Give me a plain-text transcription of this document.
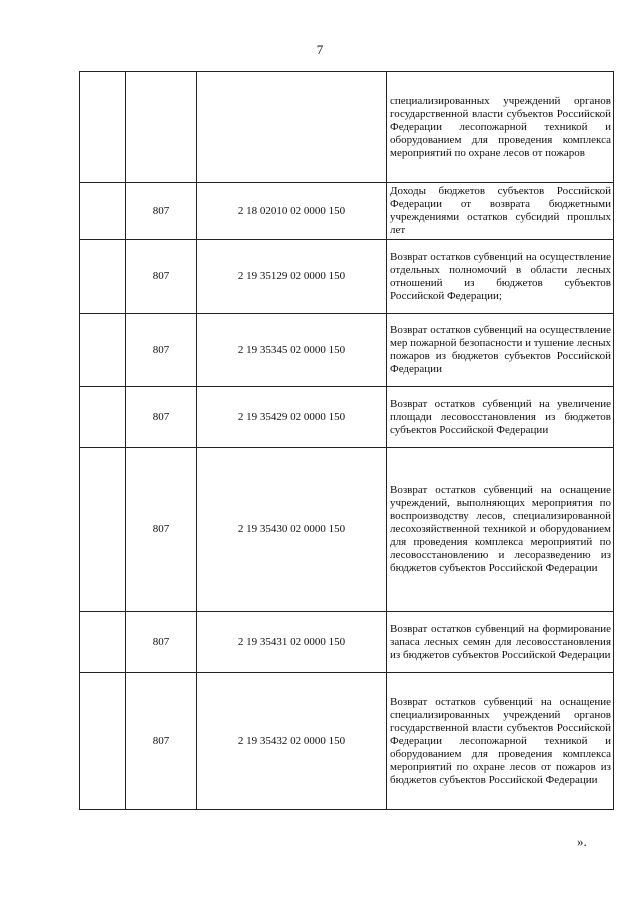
7

			специализированных учреждений органов государственной власти субъектов Российской Федерации лесопожарной техникой и оборудованием для проведения комплекса мероприятий по охране лесов от пожаров

	807	2 18 02010 02 0000 150	Доходы бюджетов субъектов Российской Федерации от возврата бюджетными учреждениями остатков субсидий прошлых лет

	807	2 19 35129 02 0000 150	Возврат остатков субвенций на осуществление отдельных полномочий в области лесных отношений из бюджетов субъектов Российской Федерации;

	807	2 19 35345 02 0000 150	Возврат остатков субвенций на осуществление мер пожарной безопасности и тушение лесных пожаров из бюджетов субъектов Российской Федерации

	807	2 19 35429 02 0000 150	Возврат остатков субвенций на увеличение площади лесовосстановления из бюджетов субъектов Российской Федерации

	807	2 19 35430 02 0000 150	Возврат остатков субвенций на оснащение учреждений, выполняющих мероприятия по воспроизводству лесов, специализированной лесохозяйственной техникой и оборудованием для проведения комплекса мероприятий по лесовосстановлению и лесоразведению из бюджетов субъектов Российской Федерации

	807	2 19 35431 02 0000 150	Возврат остатков субвенций на формирование запаса лесных семян для лесовосстановления из бюджетов субъектов Российской Федерации

	807	2 19 35432 02 0000 150	Возврат остатков субвенций на оснащение специализированных учреждений органов государственной власти субъектов Российской Федерации лесопожарной техникой и оборудованием для проведения комплекса мероприятий по охране лесов от пожаров из бюджетов субъектов Российской Федерации
».
